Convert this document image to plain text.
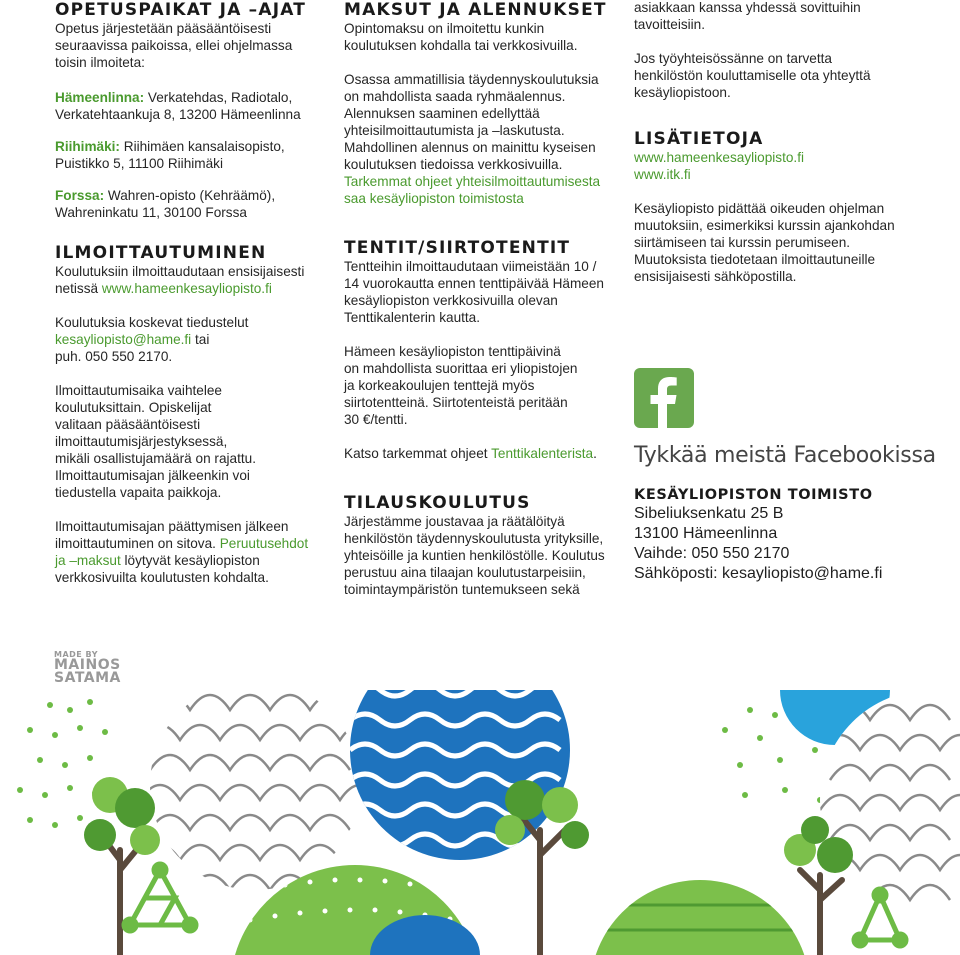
OPETUSPAIKAT JA –AJAT

Opetus järjestetään pääsääntöisesti
seuraavissa paikoissa, ellei ohjelmassa
toisin ilmoiteta:

Hämeenlinna: Verkatehdas, Radiotalo,
Verkatehtaankuja 8, 13200 Hämeenlinna

Riihimäki: Riihimäen kansalaisopisto,
Puistikko 5, 11100 Riihimäki

Forssa: Wahren-opisto (Kehräämö),
Wahreninkatu 11, 30100 Forssa

ILMOITTAUTUMINEN

Koulutuksiin ilmoittaudutaan ensisijaisesti
netissä www.hameenkesayliopisto.fi

Koulutuksia koskevat tiedustelut
kesayliopisto@hame.fi tai
puh. 050 550 2170.

Ilmoittautumisaika vaihtelee
koulutuksittain. Opiskelijat
valitaan pääsääntöisesti
ilmoittautumisjärjestyksessä,
mikäli osallistujamäärä on rajattu.
Ilmoittautumisajan jälkeenkin voi
tiedustella vapaita paikkoja.

Ilmoittautumisajan päättymisen jälkeen
ilmoittautuminen on sitova. Peruutusehdot
ja –maksut löytyvät kesäyliopiston
verkkosivuilta koulutusten kohdalta.

MAKSUT JA ALENNUKSET

Opintomaksu on ilmoitettu kunkin
koulutuksen kohdalla tai verkkosivuilla.

Osassa ammatillisia täydennyskoulutuksia
on mahdollista saada ryhmäalennus.
Alennuksen saaminen edellyttää
yhteisilmoittautumista ja –laskutusta.
Mahdollinen alennus on mainittu kyseisen
koulutuksen tiedoissa verkkosivuilla.
Tarkemmat ohjeet yhteisilmoittautumisesta
saa kesäyliopiston toimistosta

TENTIT/SIIRTOTENTIT

Tentteihin ilmoittaudutaan viimeistään 10 /
14 vuorokautta ennen tenttipäivää Hämeen
kesäyliopiston verkkosivuilla olevan
Tenttikalenterin kautta.

Hämeen kesäyliopiston tenttipäivinä
on mahdollista suorittaa eri yliopistojen
ja korkeakoulujen tenttejä myös
siirtotentteinä. Siirtotenteistä peritään
30 €/tentti.

Katso tarkemmat ohjeet Tenttikalenterista.

TILAUSKOULUTUS

Järjestämme joustavaa ja räätälöityä
henkilöstön täydennyskoulutusta yrityksille,
yhteisöille ja kuntien henkilöstölle. Koulutus
perustuu aina tilaajan koulutustarpeisiin,
toimintaympäristön tuntemukseen sekä

asiakkaan kanssa yhdessä sovittuihin
tavoitteisiin.

Jos työyhteisössänne on tarvetta
henkilöstön kouluttamiselle ota yhteyttä
kesäyliopistoon.

LISÄTIETOJA

www.hameenkesayliopisto.fi
www.itk.fi

Kesäyliopisto pidättää oikeuden ohjelman
muutoksiin, esimerkiksi kurssin ajankohdan
siirtämiseen tai kurssin perumiseen.
Muutoksista tiedotetaan ilmoittautuneille
ensisijaisesti sähköpostilla.

Tykkää meistä Facebookissa
KESÄYLIOPISTON TOIMISTO

Sibeliuksenkatu 25 B
13100 Hämeenlinna
Vaihde: 050 550 2170
Sähköposti: kesayliopisto@hame.fi

MADE BY
MAINOS
SATAMA
